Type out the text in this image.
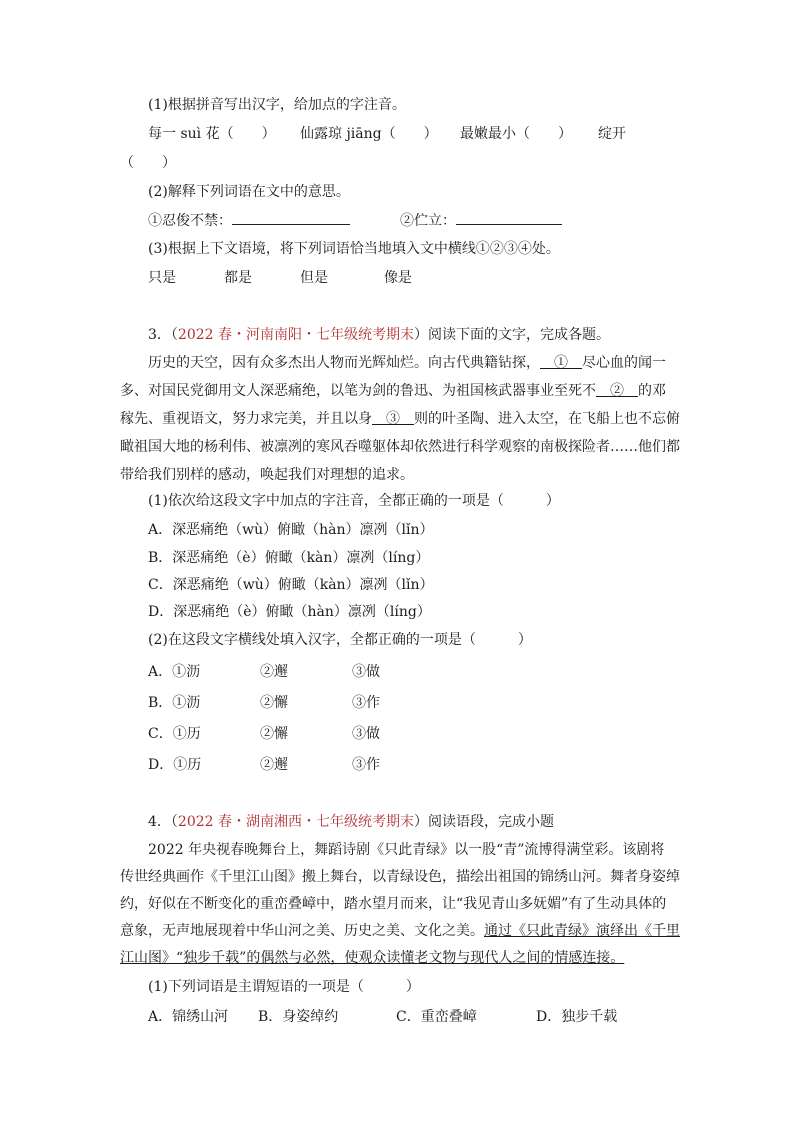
(1)根据拼音写出汉字，给加点的字注音。
每一 suì 花（　　） 仙露琼 jiāng（　　） 最嫩最小（　　） 绽开
（　　）
(2)解释下列词语在文中的意思。
①忍俊不禁：	②伫立：
(3)根据上下文语境，将下列词语恰当地填入文中横线①②③④处。
只是	都是	但是	像是
3．（2022 春・河南南阳・七年级统考期末）阅读下面的文字，完成各题。
历史的天空，因有众多杰出人物而光辉灿烂。向古代典籍钻探，  ①  尽心血的闻一
多、对国民党御用文人深恶痛绝，以笔为剑的鲁迅、为祖国核武器事业至死不  ②  的邓
稼先、重视语文，努力求完美，并且以身  ③  则的叶圣陶、进入太空，在飞船上也不忘俯
瞰祖国大地的杨利伟、被凛冽的寒风吞噬躯体却依然进行科学观察的南极探险者……他们都
带给我们别样的感动，唤起我们对理想的追求。
(1)依次给这段文字中加点的字注音，全都正确的一项是（　　　）
A．深恶痛绝（wù）俯瞰（hàn）凛冽（lǐn）
B．深恶痛绝（è）俯瞰（kàn）凛冽（líng）
C．深恶痛绝（wù）俯瞰（kàn）凛冽（lǐn）
D．深恶痛绝（è）俯瞰（hàn）凛冽（líng）
(2)在这段文字横线处填入汉字，全都正确的一项是（　　　）
A．①沥	②邂	③做
B．①沥	②懈	③作
C．①历	②懈	③做
D．①历	②邂	③作
4．（2022 春・湖南湘西・七年级统考期末）阅读语段，完成小题
2022 年央视春晚舞台上，舞蹈诗剧《只此青绿》以一股“青”流博得满堂彩。该剧将
传世经典画作《千里江山图》搬上舞台，以青绿设色，描绘出祖国的锦绣山河。舞者身姿绰
约，好似在不断变化的重峦叠嶂中，踏水望月而来，让“我见青山多妩媚”有了生动具体的
意象，无声地展现着中华山河之美、历史之美、文化之美。通过《只此青绿》演绎出《千里
江山图》“独步千载”的偶然与必然，使观众读懂老文物与现代人之间的情感连接。
(1)下列词语是主谓短语的一项是（　　　）
A．锦绣山河 B．身姿绰约	C．重峦叠嶂	D．独步千载
